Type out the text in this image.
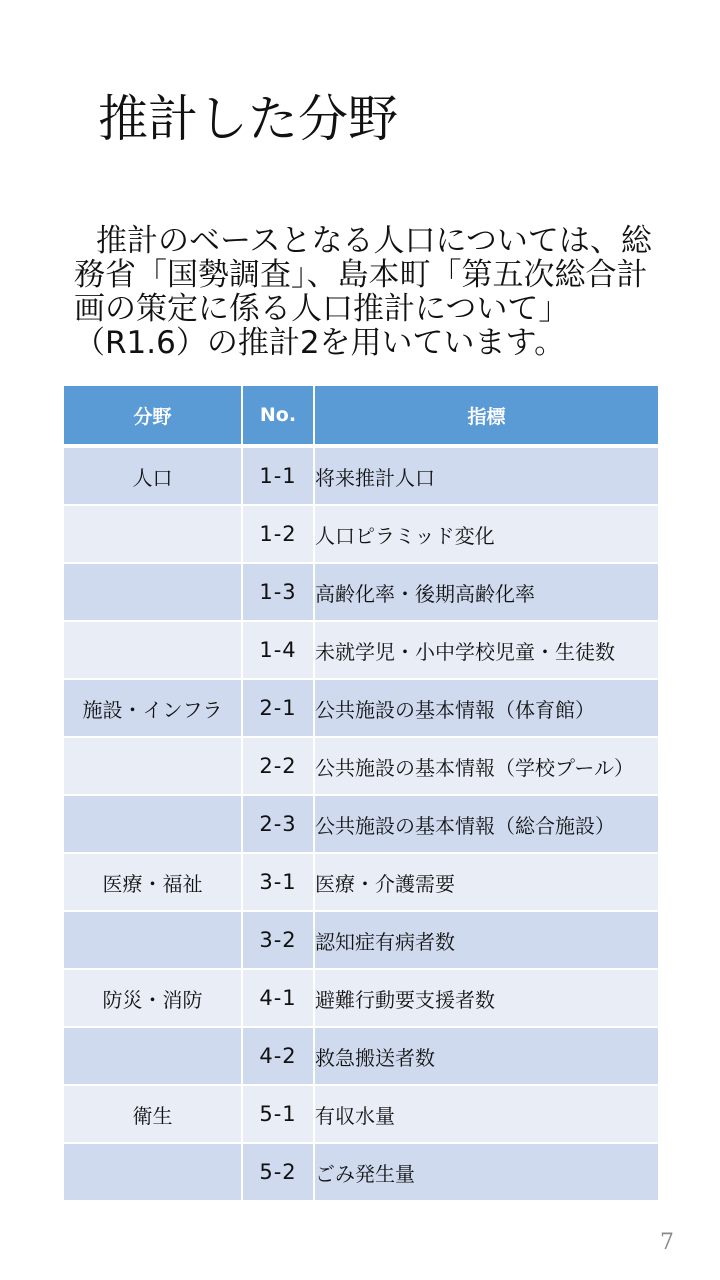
推計した分野

推計のベースとなる人口については、総
務省「国勢調査」、島本町「第五次総合計
画の策定に係る人口推計について」
（R1.6）の推計2を用いています。

分野	No.	指標
人口	1-1	将来推計人口
	1-2	人口ピラミッド変化
	1-3	高齢化率・後期高齢化率
	1-4	未就学児・小中学校児童・生徒数
施設・インフラ	2-1	公共施設の基本情報（体育館）
	2-2	公共施設の基本情報（学校プール）
	2-3	公共施設の基本情報（総合施設）
医療・福祉	3-1	医療・介護需要
	3-2	認知症有病者数
防災・消防	4-1	避難行動要支援者数
	4-2	救急搬送者数
衛生	5-1	有収水量
	5-2	ごみ発生量
7
